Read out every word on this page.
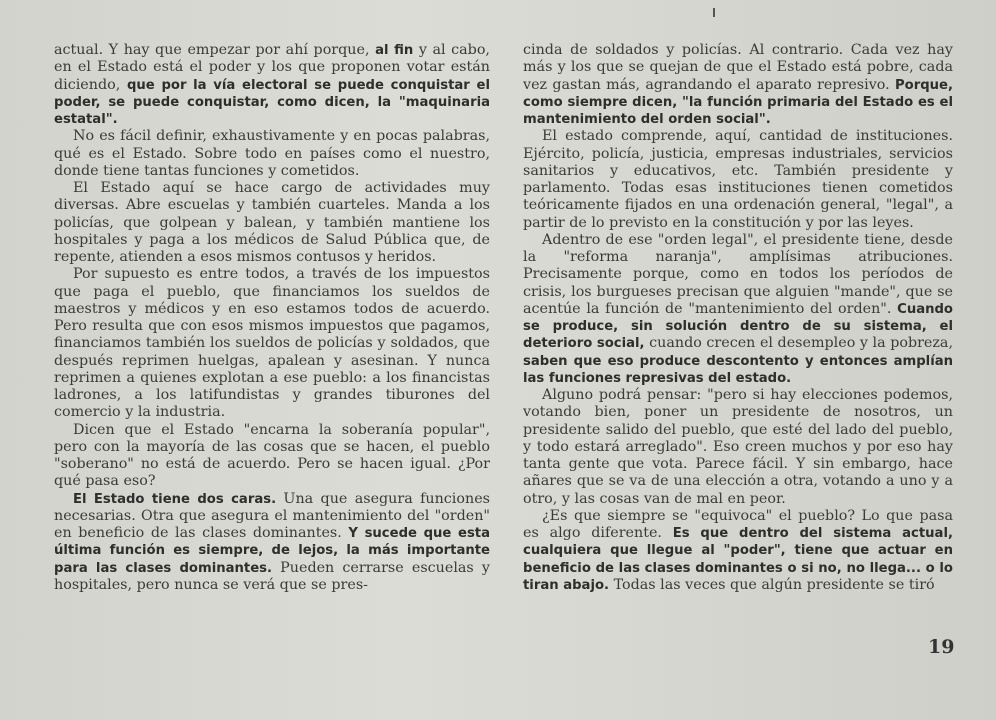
actual. Y hay que empezar por ahí porque, al fin y al cabo, en el Estado está el poder y los que proponen votar están diciendo, que por la vía electoral se puede conquistar el poder, se puede conquistar, como dicen, la "maquinaria estatal".

No es fácil definir, exhaustivamente y en pocas palabras, qué es el Estado. Sobre todo en países como el nuestro, donde tiene tantas funciones y cometidos.

El Estado aquí se hace cargo de actividades muy diversas. Abre escuelas y también cuarteles. Manda a los policías, que golpean y balean, y también mantiene los hospitales y paga a los médicos de Salud Pública que, de repente, atienden a esos mismos contusos y heridos.

Por supuesto es entre todos, a través de los impuestos que paga el pueblo, que financiamos los sueldos de maestros y médicos y en eso estamos todos de acuerdo. Pero resulta que con esos mismos impuestos que pagamos, financiamos también los sueldos de policías y soldados, que después reprimen huelgas, apalean y asesinan. Y nunca reprimen a quienes explotan a ese pueblo: a los financistas ladrones, a los latifundistas y grandes tiburones del comercio y la industria.

Dicen que el Estado "encarna la soberanía popular", pero con la mayoría de las cosas que se hacen, el pueblo "soberano" no está de acuerdo. Pero se hacen igual. ¿Por qué pasa eso?

El Estado tiene dos caras. Una que asegura funciones necesarias. Otra que asegura el mantenimiento del "orden" en beneficio de las clases dominantes. Y sucede que esta última función es siempre, de lejos, la más importante para las clases dominantes. Pueden cerrarse escuelas y hospitales, pero nunca se verá que se pres-

cinda de soldados y policías. Al contrario. Cada vez hay más y los que se quejan de que el Estado está pobre, cada vez gastan más, agrandando el aparato represivo. Porque, como siempre dicen, "la función primaria del Estado es el mantenimiento del orden social".

El estado comprende, aquí, cantidad de instituciones. Ejército, policía, justicia, empresas industriales, servicios sanitarios y educativos, etc. También presidente y parlamento. Todas esas instituciones tienen cometidos teóricamente fijados en una ordenación general, "legal", a partir de lo previsto en la constitución y por las leyes.

Adentro de ese "orden legal", el presidente tiene, desde la "reforma naranja", amplísimas atribuciones. Precisamente porque, como en todos los períodos de crisis, los burgueses precisan que alguien "mande", que se acentúe la función de "mantenimiento del orden". Cuando se produce, sin solución dentro de su sistema, el deterioro social, cuando crecen el desempleo y la pobreza, saben que eso produce descontento y entonces amplían las funciones represivas del estado.

Alguno podrá pensar: "pero si hay elecciones podemos, votando bien, poner un presidente de nosotros, un presidente salido del pueblo, que esté del lado del pueblo, y todo estará arreglado". Eso creen muchos y por eso hay tanta gente que vota. Parece fácil. Y sin embargo, hace añares que se va de una elección a otra, votando a uno y a otro, y las cosas van de mal en peor.

¿Es que siempre se "equivoca" el pueblo? Lo que pasa es algo diferente. Es que dentro del sistema actual, cualquiera que llegue al "poder", tiene que actuar en beneficio de las clases dominantes o si no, no llega... o lo tiran abajo. Todas las veces que algún presidente se tiró

19
